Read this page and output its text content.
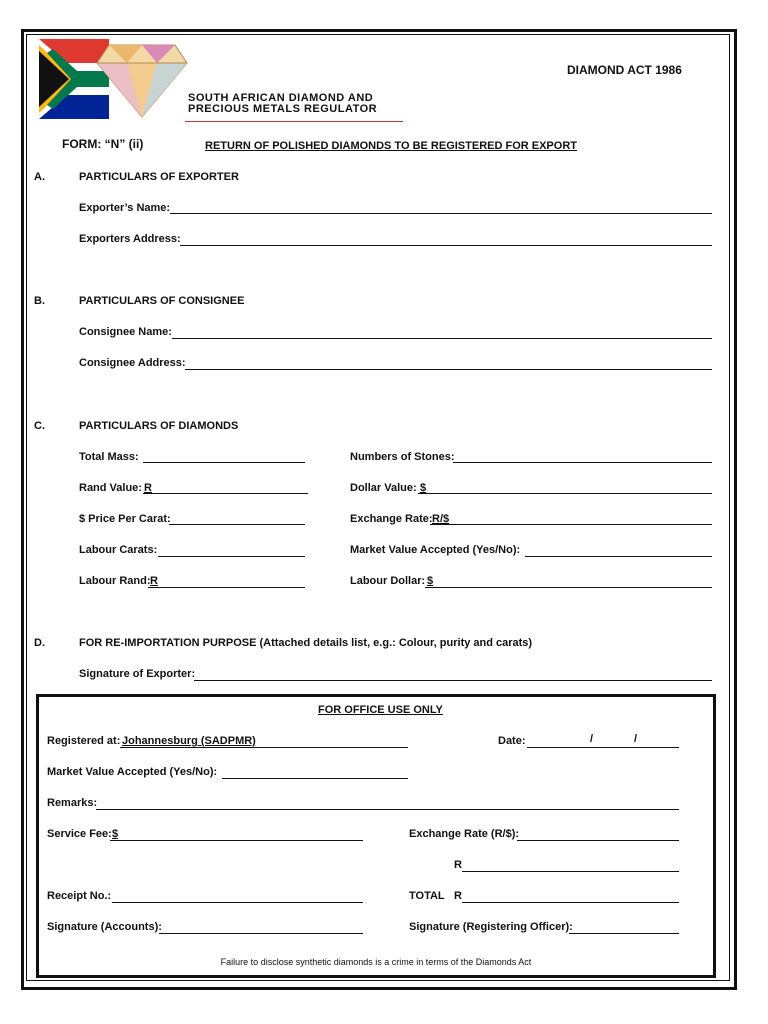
SOUTH AFRICAN DIAMOND AND
PRECIOUS METALS REGULATOR
DIAMOND ACT 1986
FORM: “N” (ii)	RETURN OF POLISHED DIAMONDS TO BE REGISTERED FOR EXPORT
A.	PARTICULARS OF EXPORTER
Exporter’s Name:
Exporters Address:
B.	PARTICULARS OF CONSIGNEE
Consignee Name:
Consignee Address:
C.	PARTICULARS OF DIAMONDS
Total Mass:	Numbers of Stones:
Rand Value: R	Dollar Value: $
$ Price Per Carat:	Exchange Rate: R/$
Labour Carats:	Market Value Accepted (Yes/No):
Labour Rand: R	Labour Dollar: $
D.	FOR RE-IMPORTATION PURPOSE (Attached details list, e.g.: Colour, purity and carats)
Signature of Exporter:
FOR OFFICE USE ONLY
Registered at: Johannesburg (SADPMR)	Date:	/	/
Market Value Accepted (Yes/No):
Remarks:
Service Fee: $	Exchange Rate (R/$):
R
Receipt No.:	TOTAL R
Signature (Accounts):	Signature (Registering Officer):
Failure to disclose synthetic diamonds is a crime in terms of the Diamonds Act
